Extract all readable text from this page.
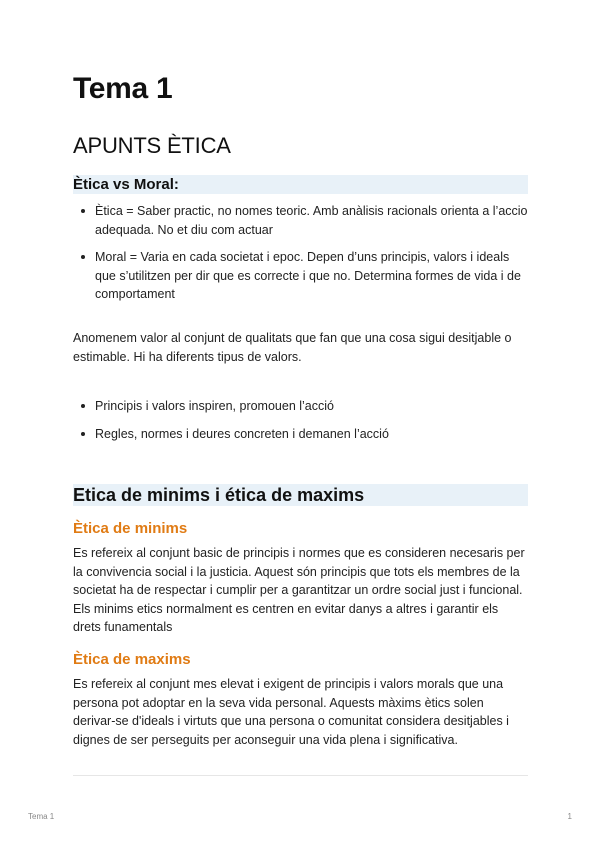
Tema 1
APUNTS ÈTICA
Ètica vs Moral:
Ètica = Saber practic, no nomes teoric. Amb anàlisis racionals orienta a l’accio adequada. No et diu com actuar
Moral = Varia en cada societat i epoc. Depen d’uns principis, valors i ideals que s’utilitzen per dir que es correcte i que no. Determina formes de vida i de comportament

Anomenem valor al conjunt de qualitats que fan que una cosa sigui desitjable o estimable. Hi ha diferents tipus de valors.

Principis i valors inspiren, promouen l’acció
Regles, normes i deures concreten i demanen l’acció
Etica de minims i ética de maxims
Ètica de minims

Es refereix al conjunt basic de principis i normes que es consideren necesaris per la convivencia social i la justicia. Aquest són principis que tots els membres de la societat ha de respectar i cumplir per a garantitzar un ordre social just i funcional. Els minims etics normalment es centren en evitar danys a altres i garantir els drets funamentals

Ètica de maxims

Es refereix al conjunt mes elevat i exigent de principis i valors morals que una persona pot adoptar en la seva vida personal. Aquests màxims ètics solen derivar-se d'ideals i virtuts que una persona o comunitat considera desitjables i dignes de ser perseguits per aconseguir una vida plena i significativa.

Tema 1	1
